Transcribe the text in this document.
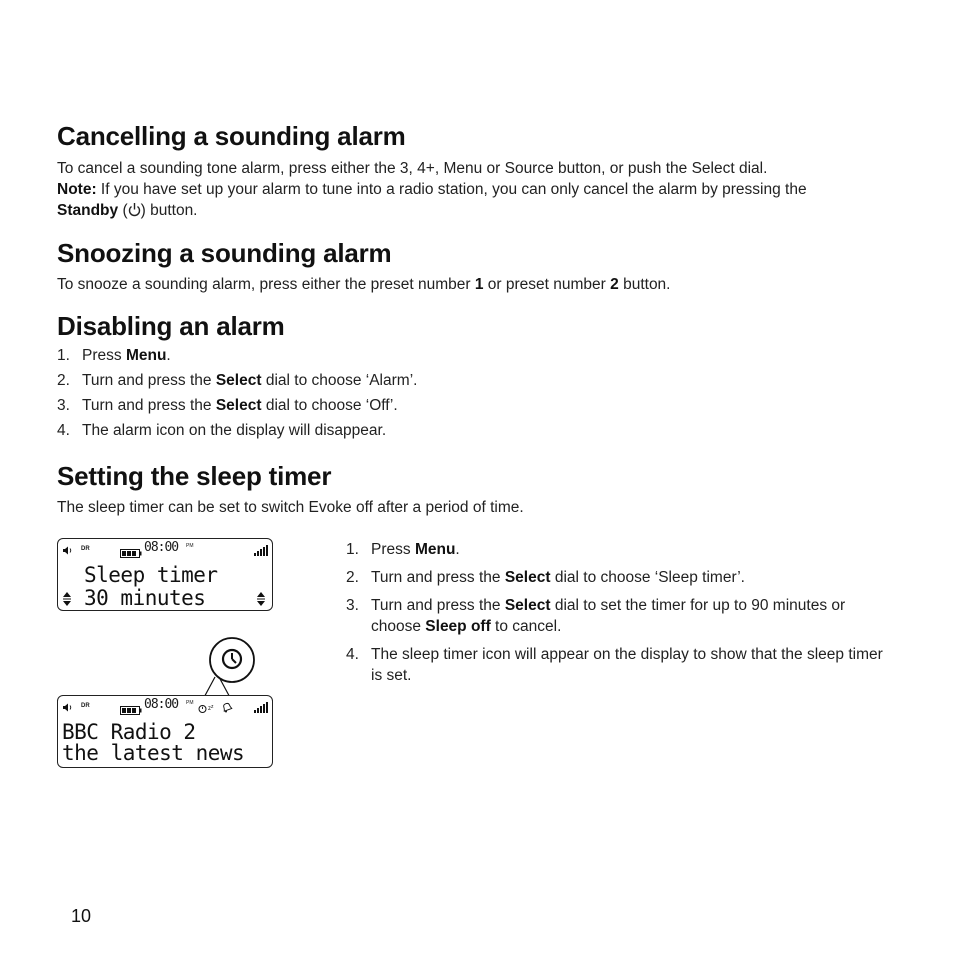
Cancelling a sounding alarm
To cancel a sounding tone alarm, press either the 3, 4+, Menu or Source button, or push the Select dial.
Note: If you have set up your alarm to tune into a radio station, you can only cancel the alarm by pressing the
Standby ( ) button.
Snoozing a sounding alarm
To snooze a sounding alarm, press either the preset number 1 or preset number 2 button.
Disabling an alarm
1. Press Menu.
2. Turn and press the Select dial to choose ‘Alarm’.
3. Turn and press the Select dial to choose ‘Off’.
4. The alarm icon on the display will disappear.
Setting the sleep timer
The sleep timer can be set to switch Evoke off after a period of time.
DR	08:00 PM
Sleep timer
30 minutes
DR	08:00 PM
z z
BBC Radio 2
the latest news
1. Press Menu.
2. Turn and press the Select dial to choose ‘Sleep timer’.
3. Turn and press the Select dial to set the timer for up to 90 minutes or choose Sleep off to cancel.
4. The sleep timer icon will appear on the display to show that the sleep timer is set.
10
